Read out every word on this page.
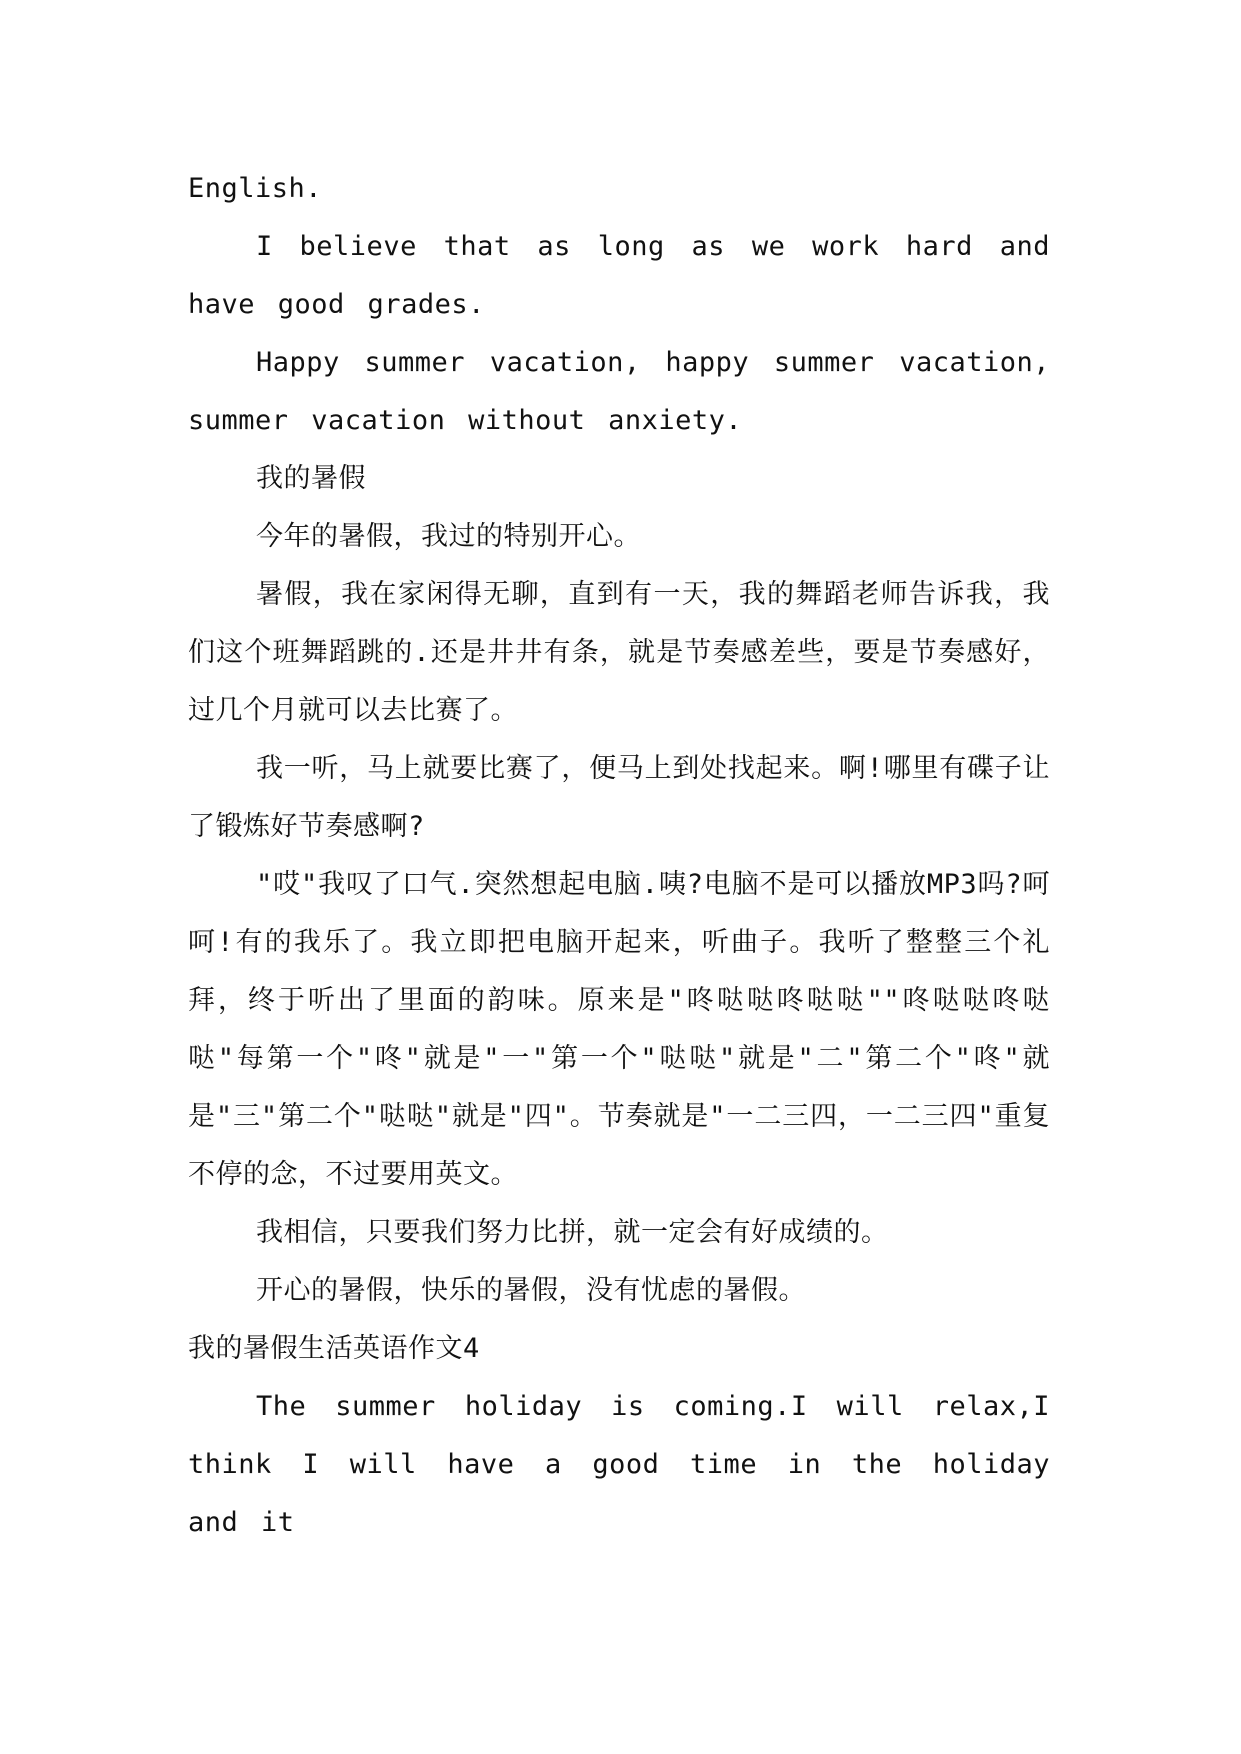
English.

I believe that as long as we work hard and have good grades.

Happy summer vacation, happy summer vacation, summer vacation without anxiety.

我的暑假

今年的暑假，我过的特别开心。

暑假，我在家闲得无聊，直到有一天，我的舞蹈老师告诉我，我们这个班舞蹈跳的.还是井井有条，就是节奏感差些，要是节奏感好，过几个月就可以去比赛了。

我一听，马上就要比赛了，便马上到处找起来。啊!哪里有碟子让了锻炼好节奏感啊?

"哎"我叹了口气.突然想起电脑.咦?电脑不是可以播放MP3吗?呵呵!有的我乐了。我立即把电脑开起来，听曲子。我听了整整三个礼拜，终于听出了里面的韵味。原来是"咚哒哒咚哒哒""咚哒哒咚哒哒"每第一个"咚"就是"一"第一个"哒哒"就是"二"第二个"咚"就是"三"第二个"哒哒"就是"四"。节奏就是"一二三四，一二三四"重复不停的念，不过要用英文。

我相信，只要我们努力比拼，就一定会有好成绩的。

开心的暑假，快乐的暑假，没有忧虑的暑假。

我的暑假生活英语作文4

The summer holiday is coming.I will relax,I think I will have a good time in the holiday and it
